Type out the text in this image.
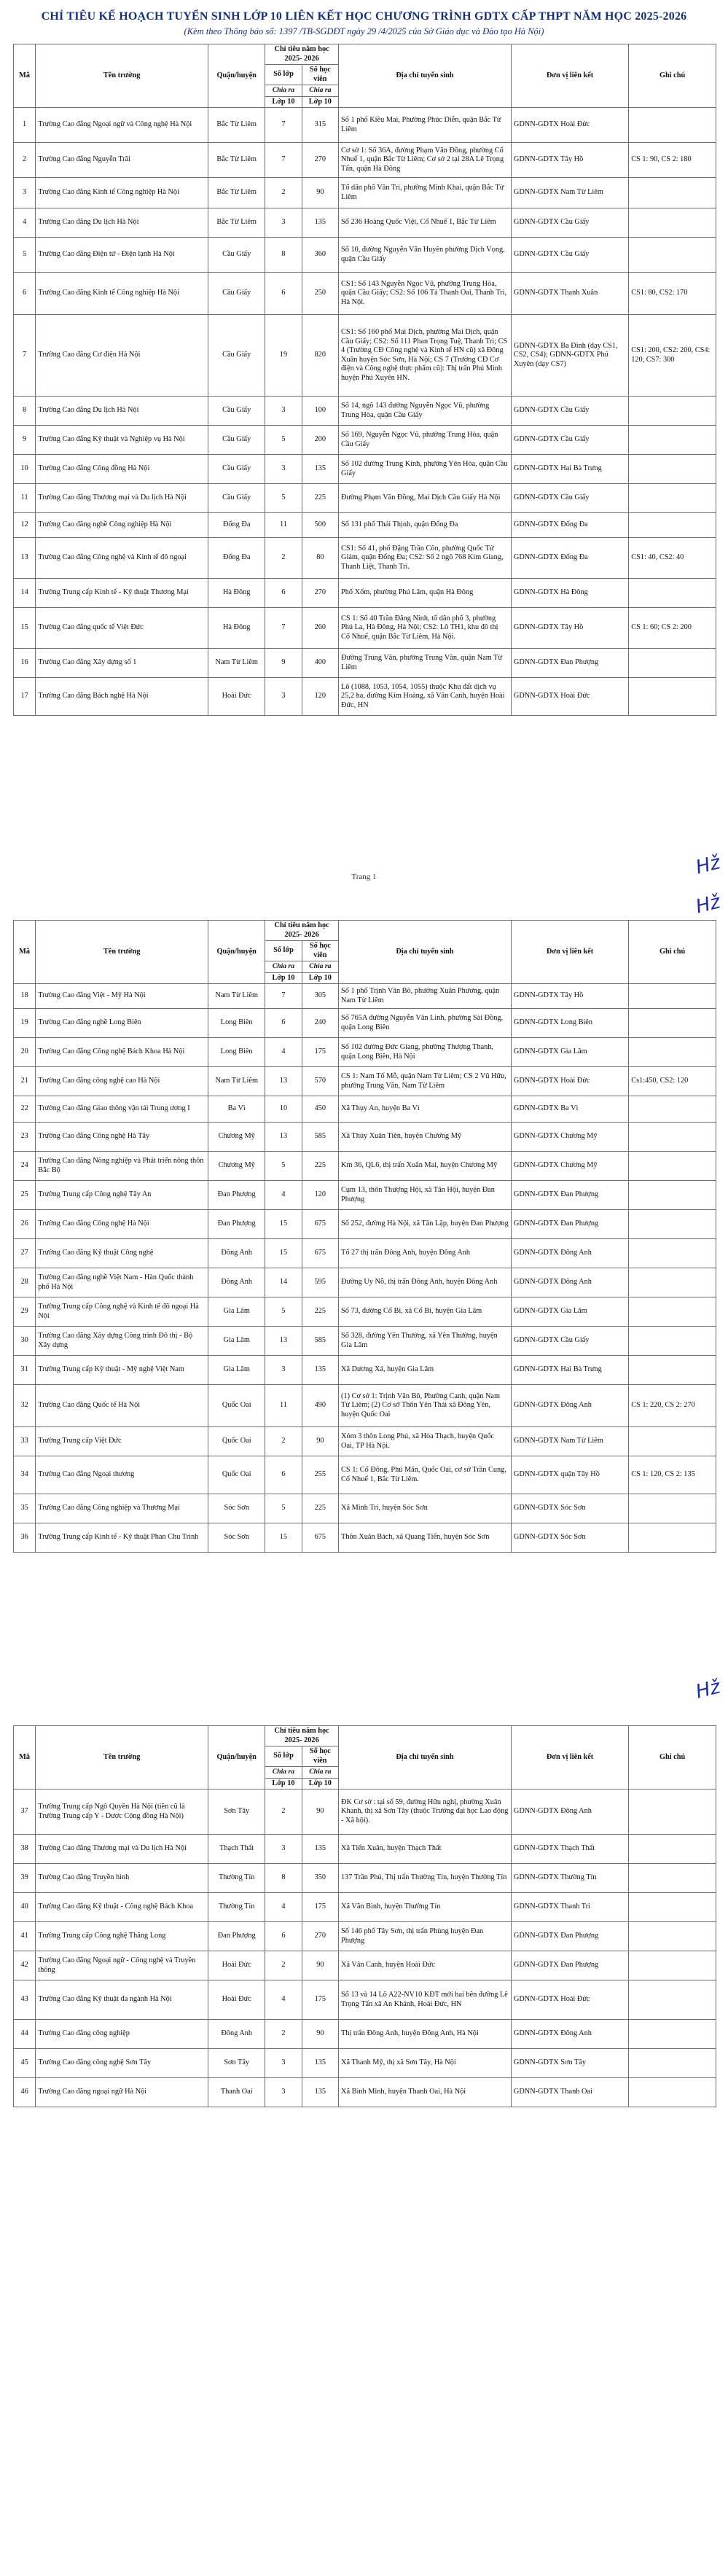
CHỈ TIÊU KẾ HOẠCH TUYỂN SINH LỚP 10 LIÊN KẾT HỌC CHƯƠNG TRÌNH GDTX CẤP THPT NĂM HỌC 2025-2026
(Kèm theo Thông báo số: 1397 /TB-SGDĐT ngày 29 /4/2025 của Sở Giáo dục và Đào tạo Hà Nội)
Mã	Tên trường	Quận/huyện	Chỉ tiêu năm học 2025- 2026		Địa chỉ tuyển sinh	Đơn vị liên kết	Ghi chú
			Số lớp	Số học viên			
			Chia ra	Chia ra			
			Lớp 10	Lớp 10			
1	Trường Cao đẳng Ngoại ngữ và Công nghệ Hà Nội	Bắc Từ Liêm	7	315	Số 1 phố Kiều Mai, Phường Phúc Diễn, quận Bắc Từ Liêm	GDNN-GDTX Hoài Đức	
2	Trường Cao đẳng Nguyễn Trãi	Bắc Từ Liêm	7	270	Cơ sở 1: Số 36A, đường Phạm Văn Đồng, phường Cổ Nhuế 1, quận Bắc Từ Liêm; Cơ sở 2 tại 28A Lê Trọng Tấn, quận Hà Đông	GDNN-GDTX Tây Hồ	CS 1: 90, CS 2: 180
3	Trường Cao đẳng Kinh tế Công nghiệp Hà Nội	Bắc Từ Liêm	2	90	Tổ dân phố Văn Trì, phường Minh Khai, quận Bắc Từ Liêm	GDNN-GDTX Nam Từ Liêm	
4	Trường Cao đẳng Du lịch Hà Nội	Bắc Từ Liêm	3	135	Số 236 Hoàng Quốc Việt, Cổ Nhuế 1, Bắc Từ Liêm	GDNN-GDTX Cầu Giấy	
5	Trường Cao đẳng Điện tử - Điện lạnh Hà Nội	Cầu Giấy	8	360	Số 10, đường Nguyễn Văn Huyên phường Dịch Vọng, quận Cầu Giấy	GDNN-GDTX Cầu Giấy	
6	Trường Cao đẳng Kinh tế Công nghiệp Hà Nội	Cầu Giấy	6	250	CS1: Số 143 Nguyễn Ngọc Vũ, phường Trung Hòa, quận Cầu Giấy; CS2: Số 106 Tả Thanh Oai, Thanh Trì, Hà Nội.	GDNN-GDTX Thanh Xuân	CS1: 80, CS2: 170
7	Trường Cao đẳng Cơ điện Hà Nội	Cầu Giấy	19	820	CS1: Số 160 phố Mai Dịch, phường Mai Dịch, quận Cầu Giấy; CS2: Số 111 Phan Trọng Tuệ, Thanh Trì; CS 4 (Trường CĐ Công nghệ và Kinh tế HN cũ) xã Đông Xuân huyện Sóc Sơn, Hà Nội; CS 7 (Trường CĐ Cơ điện và Công nghệ thực phẩm cũ): Thị trấn Phú Minh huyện Phú Xuyên HN.	GDNN-GDTX Ba Đình (dạy CS1, CS2, CS4); GDNN-GDTX Phú Xuyên (dạy CS7)	CS1: 200, CS2: 200, CS4: 120, CS7: 300
8	Trường Cao đẳng Du lịch Hà Nội	Cầu Giấy	3	100	Số 14, ngõ 143 đường Nguyễn Ngọc Vũ, phường Trung Hòa, quận Cầu Giấy	GDNN-GDTX Cầu Giấy	
9	Trường Cao đẳng Kỹ thuật và Nghiệp vụ Hà Nội	Cầu Giấy	5	200	Số 169, Nguyễn Ngọc Vũ, phường Trung Hòa, quận Cầu Giấy	GDNN-GDTX Cầu Giấy	
10	Trường Cao đẳng Công đồng Hà Nội	Cầu Giấy	3	135	Số 102 đường Trung Kính, phường Yên Hòa, quận Cầu Giấy	GDNN-GDTX Hai Bà Trưng	
11	Trường Cao đẳng Thương mại và Du lịch Hà Nội	Cầu Giấy	5	225	Đường Phạm Văn Đồng, Mai Dịch Cầu Giấy Hà Nội	GDNN-GDTX Cầu Giấy	
12	Trường Cao đẳng nghề Công nghiệp Hà Nội	Đống Đa	11	500	Số 131 phố Thái Thịnh, quận Đống Đa	GDNN-GDTX Đống Đa	
13	Trường Cao đẳng Công nghệ và Kinh tế đô ngoại	Đống Đa	2	80	CS1: Số 41, phố Đặng Trần Côn, phường Quốc Tử Giám, quận Đống Đa; CS2: Số 2 ngõ 768 Kim Giang, Thanh Liệt, Thanh Trì.	GDNN-GDTX Đống Đa	CS1: 40, CS2: 40
14	Trường Trung cấp Kinh tế - Kỹ thuật Thương Mại	Hà Đông	6	270	Phố Xốm, phường Phú Lãm, quận Hà Đông	GDNN-GDTX Hà Đông	
15	Trường Cao đẳng quốc tế Việt Đức	Hà Đông	7	260	CS 1: Số 40 Trần Đăng Ninh, tổ dân phố 3, phường Phú La, Hà Đông, Hà Nội; CS2: Lô TH1, khu đô thị Cổ Nhuế, quận Bắc Từ Liêm, Hà Nội.	GDNN-GDTX Tây Hồ	CS 1: 60; CS 2: 200
16	Trường Cao đẳng Xây dựng số 1	Nam Từ Liêm	9	400	Đường Trung Văn, phường Trung Văn, quận Nam Từ Liêm	GDNN-GDTX Đan Phượng	
17	Trường Cao đẳng Bách nghệ Hà Nội	Hoài Đức	3	120	Lô (1088, 1053, 1054, 1055) thuộc Khu đất dịch vụ 25,2 ha, đường Kim Hoàng, xã Vân Canh, huyện Hoài Đức, HN	GDNN-GDTX Hoài Đức	
Trang 1	Hž
Mã	Tên trường	Quận/huyện	Chỉ tiêu năm học 2025- 2026		Địa chỉ tuyển sinh	Đơn vị liên kết	Ghi chú
			Số lớp	Số học viên			
			Chia ra	Chia ra			
			Lớp 10	Lớp 10			
18	Trường Cao đẳng Việt - Mỹ Hà Nội	Nam Từ Liêm	7	305	Số 1 phố Trịnh Văn Bô, phường Xuân Phương, quận Nam Từ Liêm	GDNN-GDTX Tây Hồ	
19	Trường Cao đẳng nghề Long Biên	Long Biên	6	240	Số 765A đường Nguyễn Văn Linh, phường Sài Đồng, quận Long Biên	GDNN-GDTX Long Biên	
20	Trường Cao đẳng Công nghệ Bách Khoa Hà Nội	Long Biên	4	175	Số 102 đường Đức Giang, phường Thượng Thanh, quận Long Biên, Hà Nội	GDNN-GDTX Gia Lâm	
21	Trường Cao đẳng công nghệ cao Hà Nội	Nam Từ Liêm	13	570	CS 1: Nam Tố Mỗ, quận Nam Từ Liêm; CS 2 Vũ Hữu, phường Trung Văn, Nam Từ Liêm	GDNN-GDTX Hoài Đức	Cs1:450, CS2: 120
22	Trường Cao đẳng Giao thông vận tải Trung ương I	Ba Vì	10	450	Xã Thụy An, huyện Ba Vì	GDNN-GDTX Ba Vì	
23	Trường Cao đẳng Công nghệ Hà Tây	Chương Mỹ	13	585	Xã Thủy Xuân Tiên, huyện Chương Mỹ	GDNN-GDTX Chương Mỹ	
24	Trường Cao đẳng Nông nghiệp và Phát triển nông thôn Bắc Bộ	Chương Mỹ	5	225	Km 36, QL6, thị trấn Xuân Mai, huyện Chương Mỹ	GDNN-GDTX Chương Mỹ	
25	Trường Trung cấp Công nghệ Tây An	Đan Phượng	4	120	Cụm 13, thôn Thượng Hội, xã Tân Hội, huyện Đan Phượng	GDNN-GDTX Đan Phượng	
26	Trường Cao đẳng Công nghệ Hà Nội	Đan Phượng	15	675	Số 252, đường Hà Nội, xã Tân Lập, huyện Đan Phượng	GDNN-GDTX Đan Phượng	
27	Trường Cao đẳng Kỹ thuật Công nghệ	Đông Anh	15	675	Tổ 27 thị trấn Đông Anh, huyện Đông Anh	GDNN-GDTX Đông Anh	
28	Trường Cao đẳng nghề Việt Nam - Hàn Quốc thành phố Hà Nội	Đông Anh	14	595	Đường Uy Nỗ, thị trấn Đông Anh, huyện Đông Anh	GDNN-GDTX Đông Anh	
29	Trường Trung cấp Công nghệ và Kinh tế đô ngoại Hà Nội	Gia Lâm	5	225	Số 73, đường Cổ Bi, xã Cổ Bi, huyện Gia Lâm	GDNN-GDTX Gia Lâm	
30	Trường Cao đẳng Xây dựng Công trình Đô thị - Bộ Xây dựng	Gia Lâm	13	585	Số 328, đường Yên Thường, xã Yên Thường, huyện Gia Lâm	GDNN-GDTX Cầu Giấy	
31	Trường Trung cấp Kỹ thuật - Mỹ nghệ Việt Nam	Gia Lâm	3	135	Xã Dương Xá, huyện Gia Lâm	GDNN-GDTX Hai Bà Trưng	
32	Trường Cao đẳng Quốc tế Hà Nội	Quốc Oai	11	490	(1) Cơ sở 1: Trịnh Văn Bô, Phường Canh, quận Nam Từ Liêm; (2) Cơ sở Thôn Yên Thái xã Đông Yên, huyện Quốc Oai	GDNN-GDTX Đông Anh	CS 1: 220, CS 2: 270
33	Trường Trung cấp Việt Đức	Quốc Oai	2	90	Xóm 3 thôn Long Phú, xã Hòa Thạch, huyện Quốc Oai, TP Hà Nội.	GDNN-GDTX Nam Từ Liêm	
34	Trường Cao đẳng Ngoại thương	Quốc Oai	6	255	CS 1: Cổ Đông, Phú Mãn, Quốc Oai, cơ sở Trần Cung, Cổ Nhuế 1, Bắc Từ Liêm.	GDNN-GDTX quận Tây Hồ	CS 1: 120, CS 2: 135
35	Trường Cao đẳng Công nghiệp và Thương Mại	Sóc Sơn	5	225	Xã Minh Trí, huyện Sóc Sơn	GDNN-GDTX Sóc Sơn	
36	Trường Trung cấp Kinh tế - Kỹ thuật Phan Chu Trinh	Sóc Sơn	15	675	Thôn Xuân Bách, xã Quang Tiến, huyện Sóc Sơn	GDNN-GDTX Sóc Sơn	
Hž
Mã	Tên trường	Quận/huyện	Chỉ tiêu năm học 2025- 2026		Địa chỉ tuyển sinh	Đơn vị liên kết	Ghi chú
			Số lớp	Số học viên			
			Chia ra	Chia ra			
			Lớp 10	Lớp 10			
37	Trường Trung cấp Ngô Quyền Hà Nội (tiền cũ là Trường Trung cấp Y - Dược Cộng đồng Hà Nội)	Sơn Tây	2	90	ĐK Cơ sở : tại số 59, đường Hữu nghị, phường Xuân Khanh, thị xã Sơn Tây (thuộc Trường đại học Lao động - Xã hội).	GDNN-GDTX Đông Anh	
38	Trường Cao đẳng Thương mại và Du lịch Hà Nội	Thạch Thất	3	135	Xã Tiến Xuân, huyện Thạch Thất	GDNN-GDTX Thạch Thất	
39	Trường Cao đẳng Truyền hình	Thường Tín	8	350	137 Trần Phú, Thị trấn Thường Tín, huyện Thường Tín	GDNN-GDTX Thường Tín	
40	Trường Cao đẳng Kỹ thuật - Công nghệ Bách Khoa	Thường Tín	4	175	Xã Văn Bình, huyện Thường Tín	GDNN-GDTX Thanh Trì	
41	Trường Trung cấp Công nghệ Thăng Long	Đan Phượng	6	270	Số 146 phố Tây Sơn, thị trấn Phùng huyện Đan Phượng	GDNN-GDTX Đan Phượng	
42	Trường Cao đẳng Ngoại ngữ - Công nghệ và Truyền thông	Hoài Đức	2	90	Xã Vân Canh, huyện Hoài Đức	GDNN-GDTX Đan Phượng	
43	Trường Cao đẳng Kỹ thuật đa ngành Hà Nội	Hoài Đức	4	175	Số 13 và 14 Lô A22-NV10 KĐT mới hai bên đường Lê Trọng Tấn xã An Khánh, Hoài Đức, HN	GDNN-GDTX Hoài Đức	
44	Trường Cao đẳng công nghiệp	Đông Anh	2	90	Thị trấn Đông Anh, huyện Đông Anh, Hà Nội	GDNN-GDTX Đông Anh	
45	Trường Cao đẳng công nghệ Sơn Tây	Sơn Tây	3	135	Xã Thanh Mỹ, thị xã Sơn Tây, Hà Nội	GDNN-GDTX Sơn Tây	
46	Trường Cao đẳng ngoại ngữ Hà Nội	Thanh Oai	3	135	Xã Bình Minh, huyện Thanh Oai, Hà Nội	GDNN-GDTX Thanh Oai	
Hž
